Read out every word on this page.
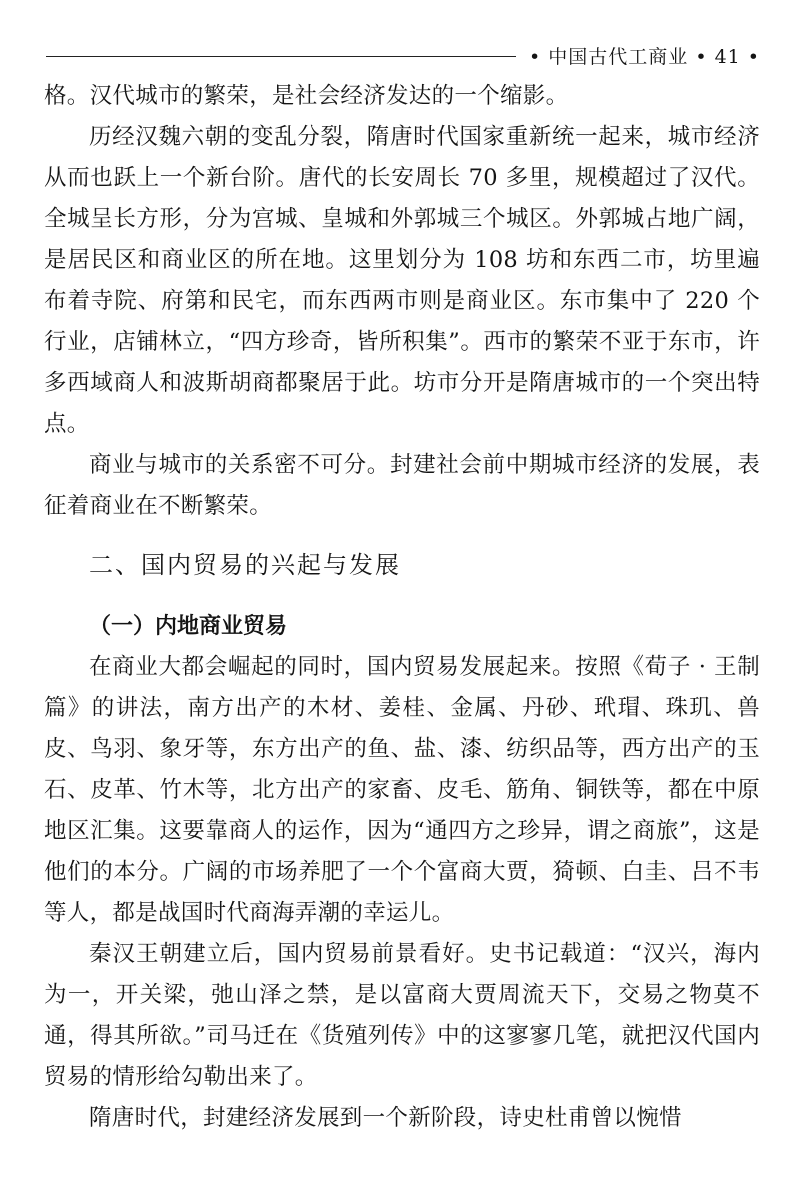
• 中国古代工商业 • 41 •

格。汉代城市的繁荣，是社会经济发达的一个缩影。

历经汉魏六朝的变乱分裂，隋唐时代国家重新统一起来，城市经济从而也跃上一个新台阶。唐代的长安周长 70 多里，规模超过了汉代。全城呈长方形，分为宫城、皇城和外郭城三个城区。外郭城占地广阔，是居民区和商业区的所在地。这里划分为 108 坊和东西二市，坊里遍布着寺院、府第和民宅，而东西两市则是商业区。东市集中了 220 个行业，店铺林立，“四方珍奇，皆所积集”。西市的繁荣不亚于东市，许多西域商人和波斯胡商都聚居于此。坊市分开是隋唐城市的一个突出特点。

商业与城市的关系密不可分。封建社会前中期城市经济的发展，表征着商业在不断繁荣。

二、国内贸易的兴起与发展
（一）内地商业贸易

在商业大都会崛起的同时，国内贸易发展起来。按照《荀子 · 王制篇》的讲法，南方出产的木材、姜桂、金属、丹砂、玳瑁、珠玑、兽皮、鸟羽、象牙等，东方出产的鱼、盐、漆、纺织品等，西方出产的玉石、皮革、竹木等，北方出产的家畜、皮毛、筋角、铜铁等，都在中原地区汇集。这要靠商人的运作，因为“通四方之珍异，谓之商旅”，这是他们的本分。广阔的市场养肥了一个个富商大贾，猗顿、白圭、吕不韦等人，都是战国时代商海弄潮的幸运儿。

秦汉王朝建立后，国内贸易前景看好。史书记载道：“汉兴，海内为一，开关梁，弛山泽之禁，是以富商大贾周流天下，交易之物莫不通，得其所欲。”司马迁在《货殖列传》中的这寥寥几笔，就把汉代国内贸易的情形给勾勒出来了。

隋唐时代，封建经济发展到一个新阶段，诗史杜甫曾以惋惜
